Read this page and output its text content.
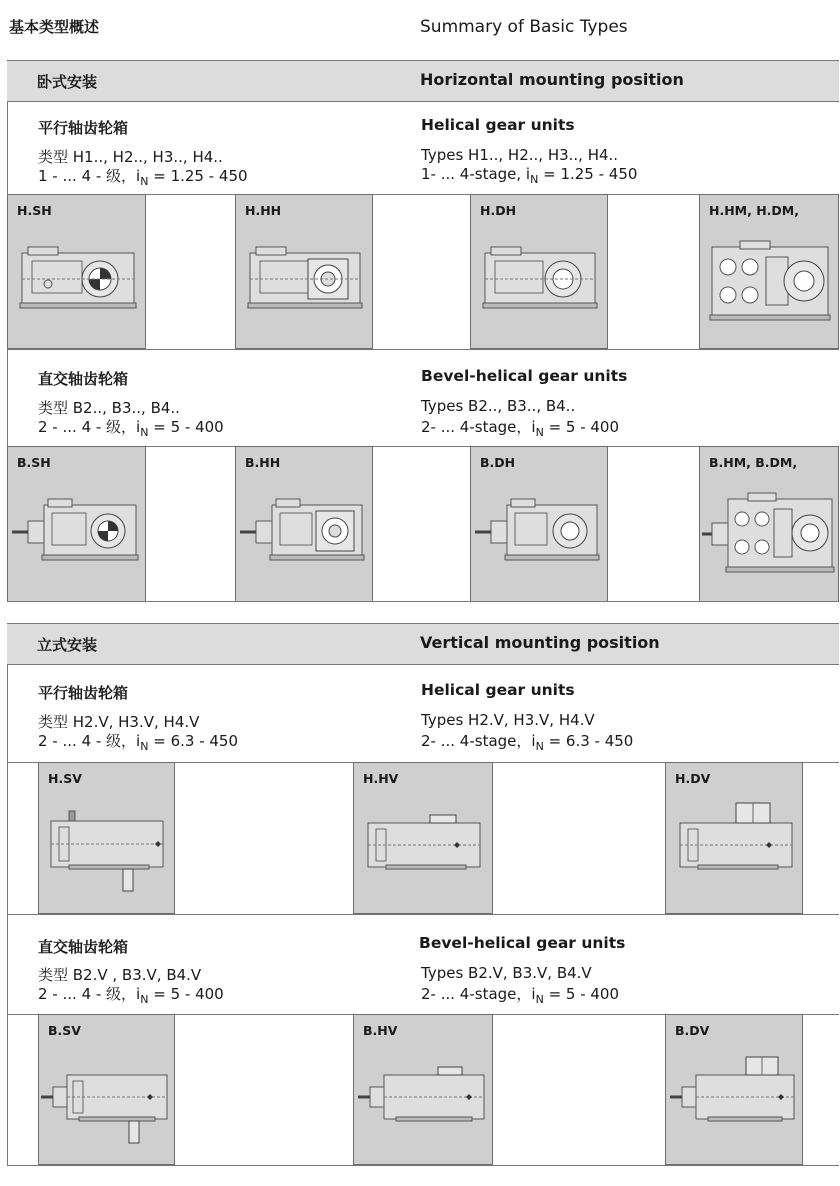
基本类型概述	Summary of Basic Types
卧式安装	Horizontal mounting position
平行轴齿轮箱	Helical gear units
类型 H1.., H2.., H3.., H4..	Types H1.., H2.., H3.., H4..
1 - ... 4 - 级，$i_N = 1.25 - 450$	1- ... 4-stage, $i_N = 1.25 - 450$
H.SH	H.HH	H.DH	H.HM, H.DM,
直交轴齿轮箱	Bevel-helical gear units
类型 B2.., B3.., B4..	Types B2.., B3.., B4..
2 - ... 4 - 级，$i_N = 5 - 400$	2- ... 4-stage，$i_N = 5 - 400$
B.SH	B.HH	B.DH	B.HM, B.DM,
立式安装	Vertical mounting position
平行轴齿轮箱	Helical gear units
类型 H2.V, H3.V, H4.V	Types H2.V, H3.V, H4.V
2 - ... 4 - 级，$i_N = 6.3 - 450$	2- ... 4-stage，$i_N = 6.3 - 450$
H.SV	H.HV	H.DV
直交轴齿轮箱	Bevel-helical gear units
类型 B2.V , B3.V, B4.V	Types B2.V, B3.V, B4.V
2 - ... 4 - 级，$i_N = 5 - 400$	2- ... 4-stage，$i_N = 5 - 400$
B.SV	B.HV	B.DV
